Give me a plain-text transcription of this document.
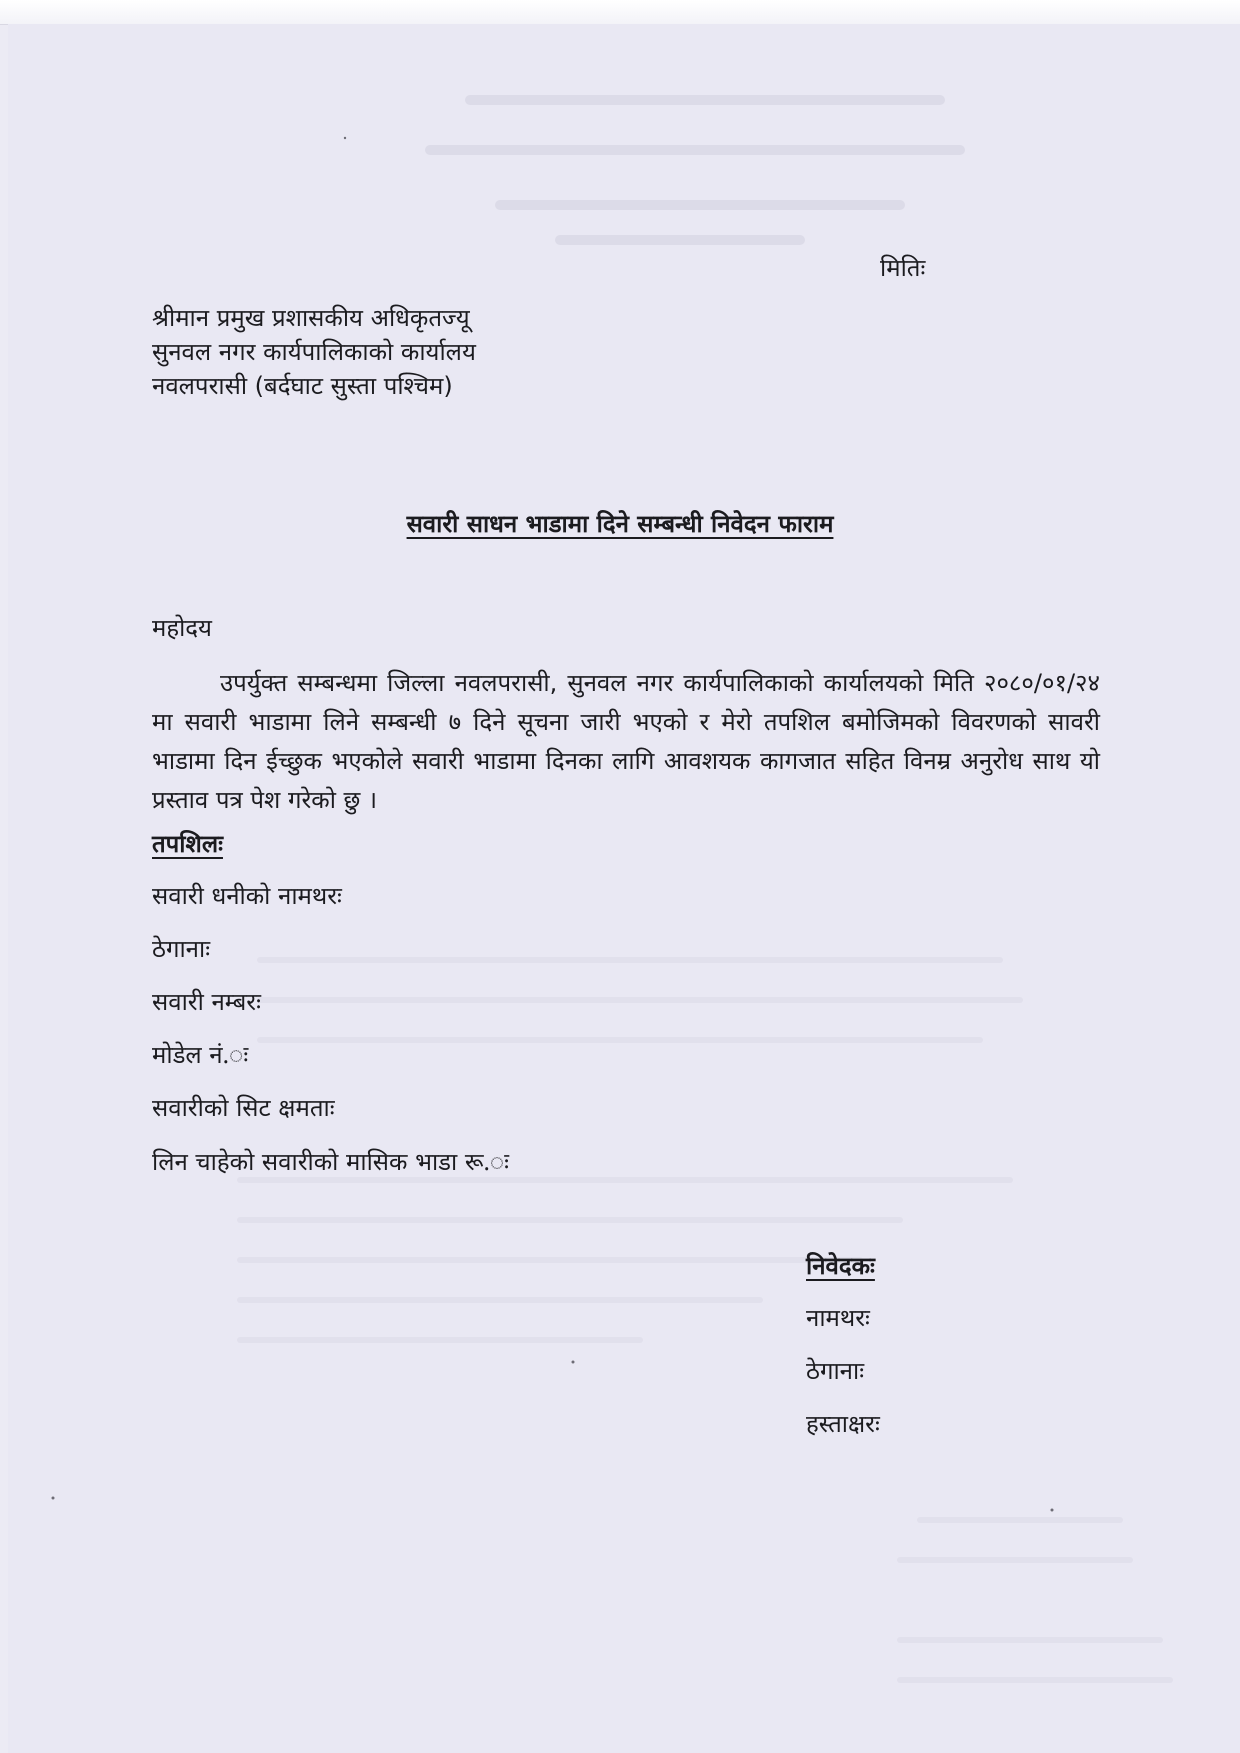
मितिः
श्रीमान प्रमुख प्रशासकीय अधिकृतज्यू
सुनवल नगर कार्यपालिकाको कार्यालय
नवलपरासी (बर्दघाट सुस्ता पश्चिम)
सवारी साधन भाडामा दिने सम्बन्धी निवेदन फाराम
महोदय
उपर्युक्त सम्बन्धमा जिल्ला नवलपरासी, सुनवल नगर कार्यपालिकाको कार्यालयको मिति २०८०/०१/२४ मा सवारी भाडामा लिने सम्बन्धी ७ दिने सूचना जारी भएको र मेरो तपशिल बमोजिमको विवरणको सावरी भाडामा दिन ईच्छुक भएकोले सवारी भाडामा दिनका लागि आवशयक कागजात सहित विनम्र अनुरोध साथ यो प्रस्ताव पत्र पेश गरेको छु ।
तपशिलः
सवारी धनीको नामथरः
ठेगानाः
सवारी नम्बरः
मोडेल नं.ः
सवारीको सिट क्षमताः
लिन चाहेको सवारीको मासिक भाडा रू.ः
निवेदकः
नामथरः
ठेगानाः
हस्ताक्षरः
